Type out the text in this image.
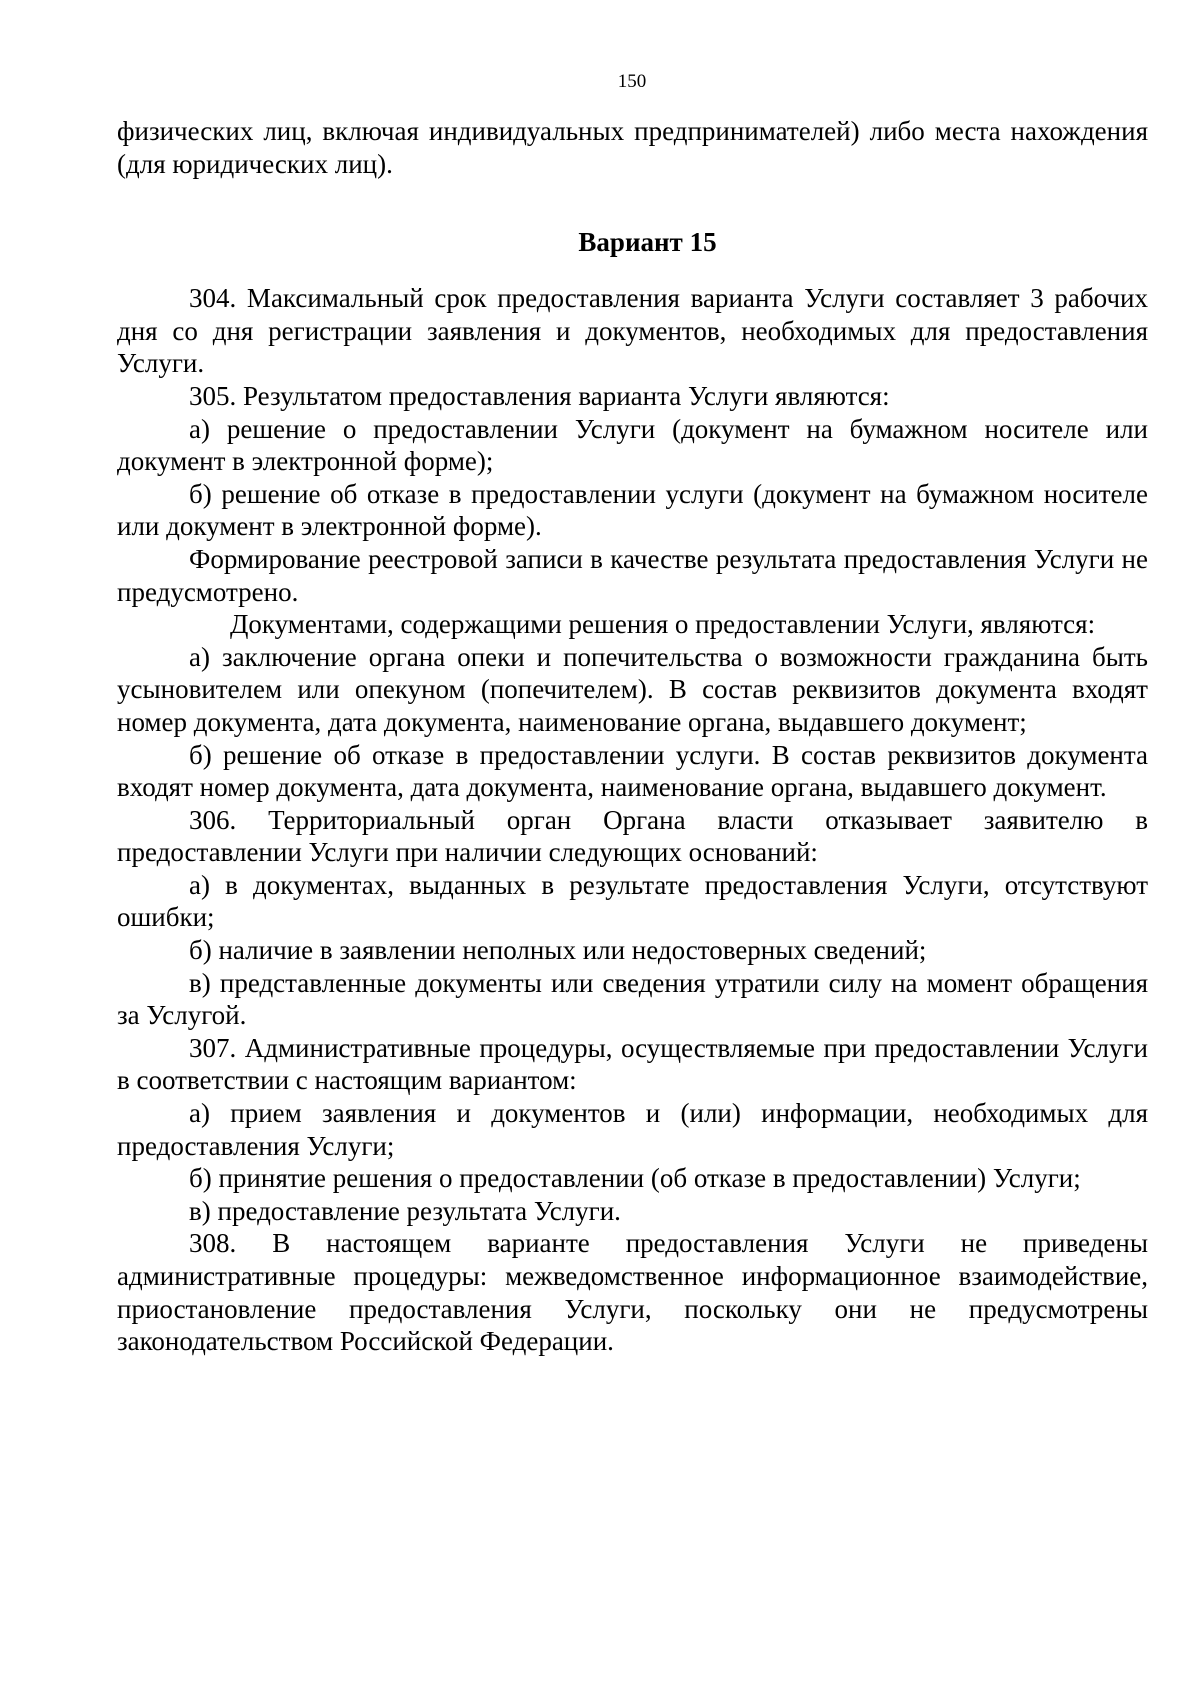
150

физических лиц, включая индивидуальных предпринимателей) либо места нахождения (для юридических лиц).

Вариант 15

304. Максимальный срок предоставления варианта Услуги составляет 3 рабочих дня со дня регистрации заявления и документов, необходимых для предоставления Услуги.

305. Результатом предоставления варианта Услуги являются:

а) решение о предоставлении Услуги (документ на бумажном носителе или документ в электронной форме);

б) решение об отказе в предоставлении услуги (документ на бумажном носителе или документ в электронной форме).

Формирование реестровой записи в качестве результата предоставления Услуги не предусмотрено.

Документами, содержащими решения о предоставлении Услуги, являются:

а) заключение органа опеки и попечительства о возможности гражданина быть усыновителем или опекуном (попечителем). В состав реквизитов документа входят номер документа, дата документа, наименование органа, выдавшего документ;

б) решение об отказе в предоставлении услуги. В состав реквизитов документа входят номер документа, дата документа, наименование органа, выдавшего документ.

306. Территориальный орган Органа власти отказывает заявителю в предоставлении Услуги при наличии следующих оснований:

а) в документах, выданных в результате предоставления Услуги, отсутствуют ошибки;

б) наличие в заявлении неполных или недостоверных сведений;

в) представленные документы или сведения утратили силу на момент обращения за Услугой.

307. Административные процедуры, осуществляемые при предоставлении Услуги в соответствии с настоящим вариантом:

а) прием заявления и документов и (или) информации, необходимых для предоставления Услуги;

б) принятие решения о предоставлении (об отказе в предоставлении) Услуги;

в) предоставление результата Услуги.

308. В настоящем варианте предоставления Услуги не приведены административные процедуры: межведомственное информационное взаимодействие, приостановление предоставления Услуги, поскольку они не предусмотрены законодательством Российской Федерации.
